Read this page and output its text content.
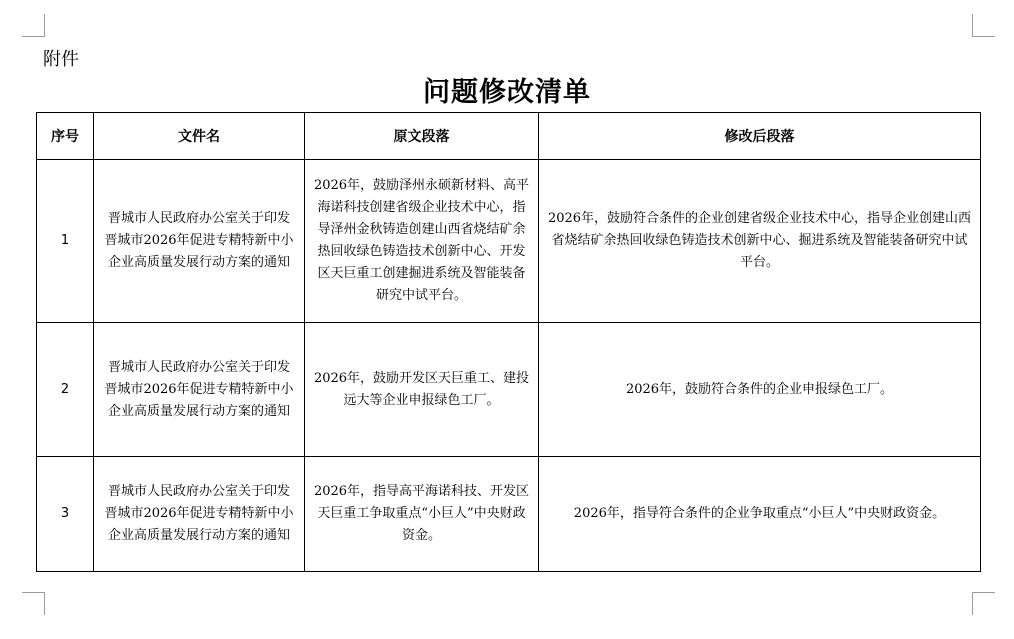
附件
问题修改清单
序号	文件名	原文段落	修改后段落
1	晋城市人民政府办公室关于印发晋城市2026年促进专精特新中小企业高质量发展行动方案的通知	2026年，鼓励泽州永硕新材料、高平海诺科技创建省级企业技术中心，指导泽州金秋铸造创建山西省烧结矿余热回收绿色铸造技术创新中心、开发区天巨重工创建掘进系统及智能装备研究中试平台。	2026年，鼓励符合条件的企业创建省级企业技术中心，指导企业创建山西省烧结矿余热回收绿色铸造技术创新中心、掘进系统及智能装备研究中试平台。
2	晋城市人民政府办公室关于印发晋城市2026年促进专精特新中小企业高质量发展行动方案的通知	2026年，鼓励开发区天巨重工、建投远大等企业申报绿色工厂。	2026年，鼓励符合条件的企业申报绿色工厂。
3	晋城市人民政府办公室关于印发晋城市2026年促进专精特新中小企业高质量发展行动方案的通知	2026年，指导高平海诺科技、开发区天巨重工争取重点“小巨人”中央财政资金。	2026年，指导符合条件的企业争取重点“小巨人”中央财政资金。
